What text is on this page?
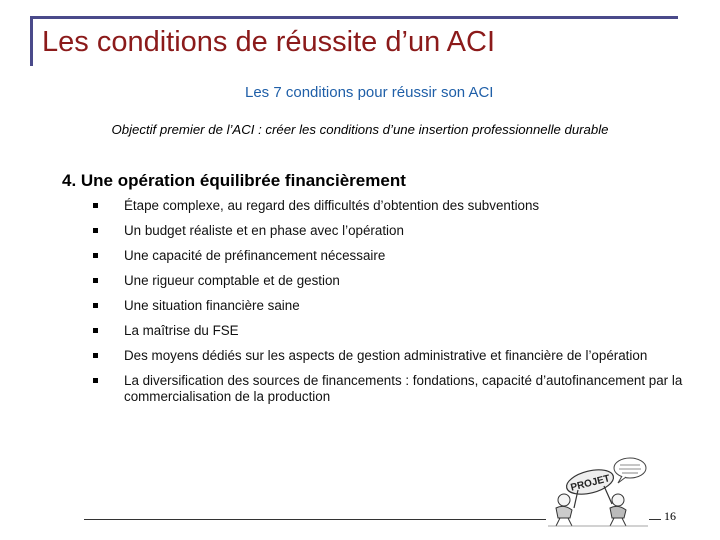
Les conditions de réussite d’un ACI
Les 7 conditions pour réussir son ACI
Objectif premier de l’ACI : créer les conditions d’une insertion professionnelle durable
4. Une opération équilibrée financièrement
Étape complexe, au regard des difficultés d’obtention des subventions
Un budget réaliste et en phase avec l’opération
Une capacité de préfinancement nécessaire
Une rigueur comptable et de gestion
Une situation financière saine
La maîtrise du FSE
Des moyens dédiés sur les aspects de gestion administrative et financière de l’opération
La diversification des sources de financements : fondations, capacité d’autofinancement par la commercialisation de la production
PROJET
16
